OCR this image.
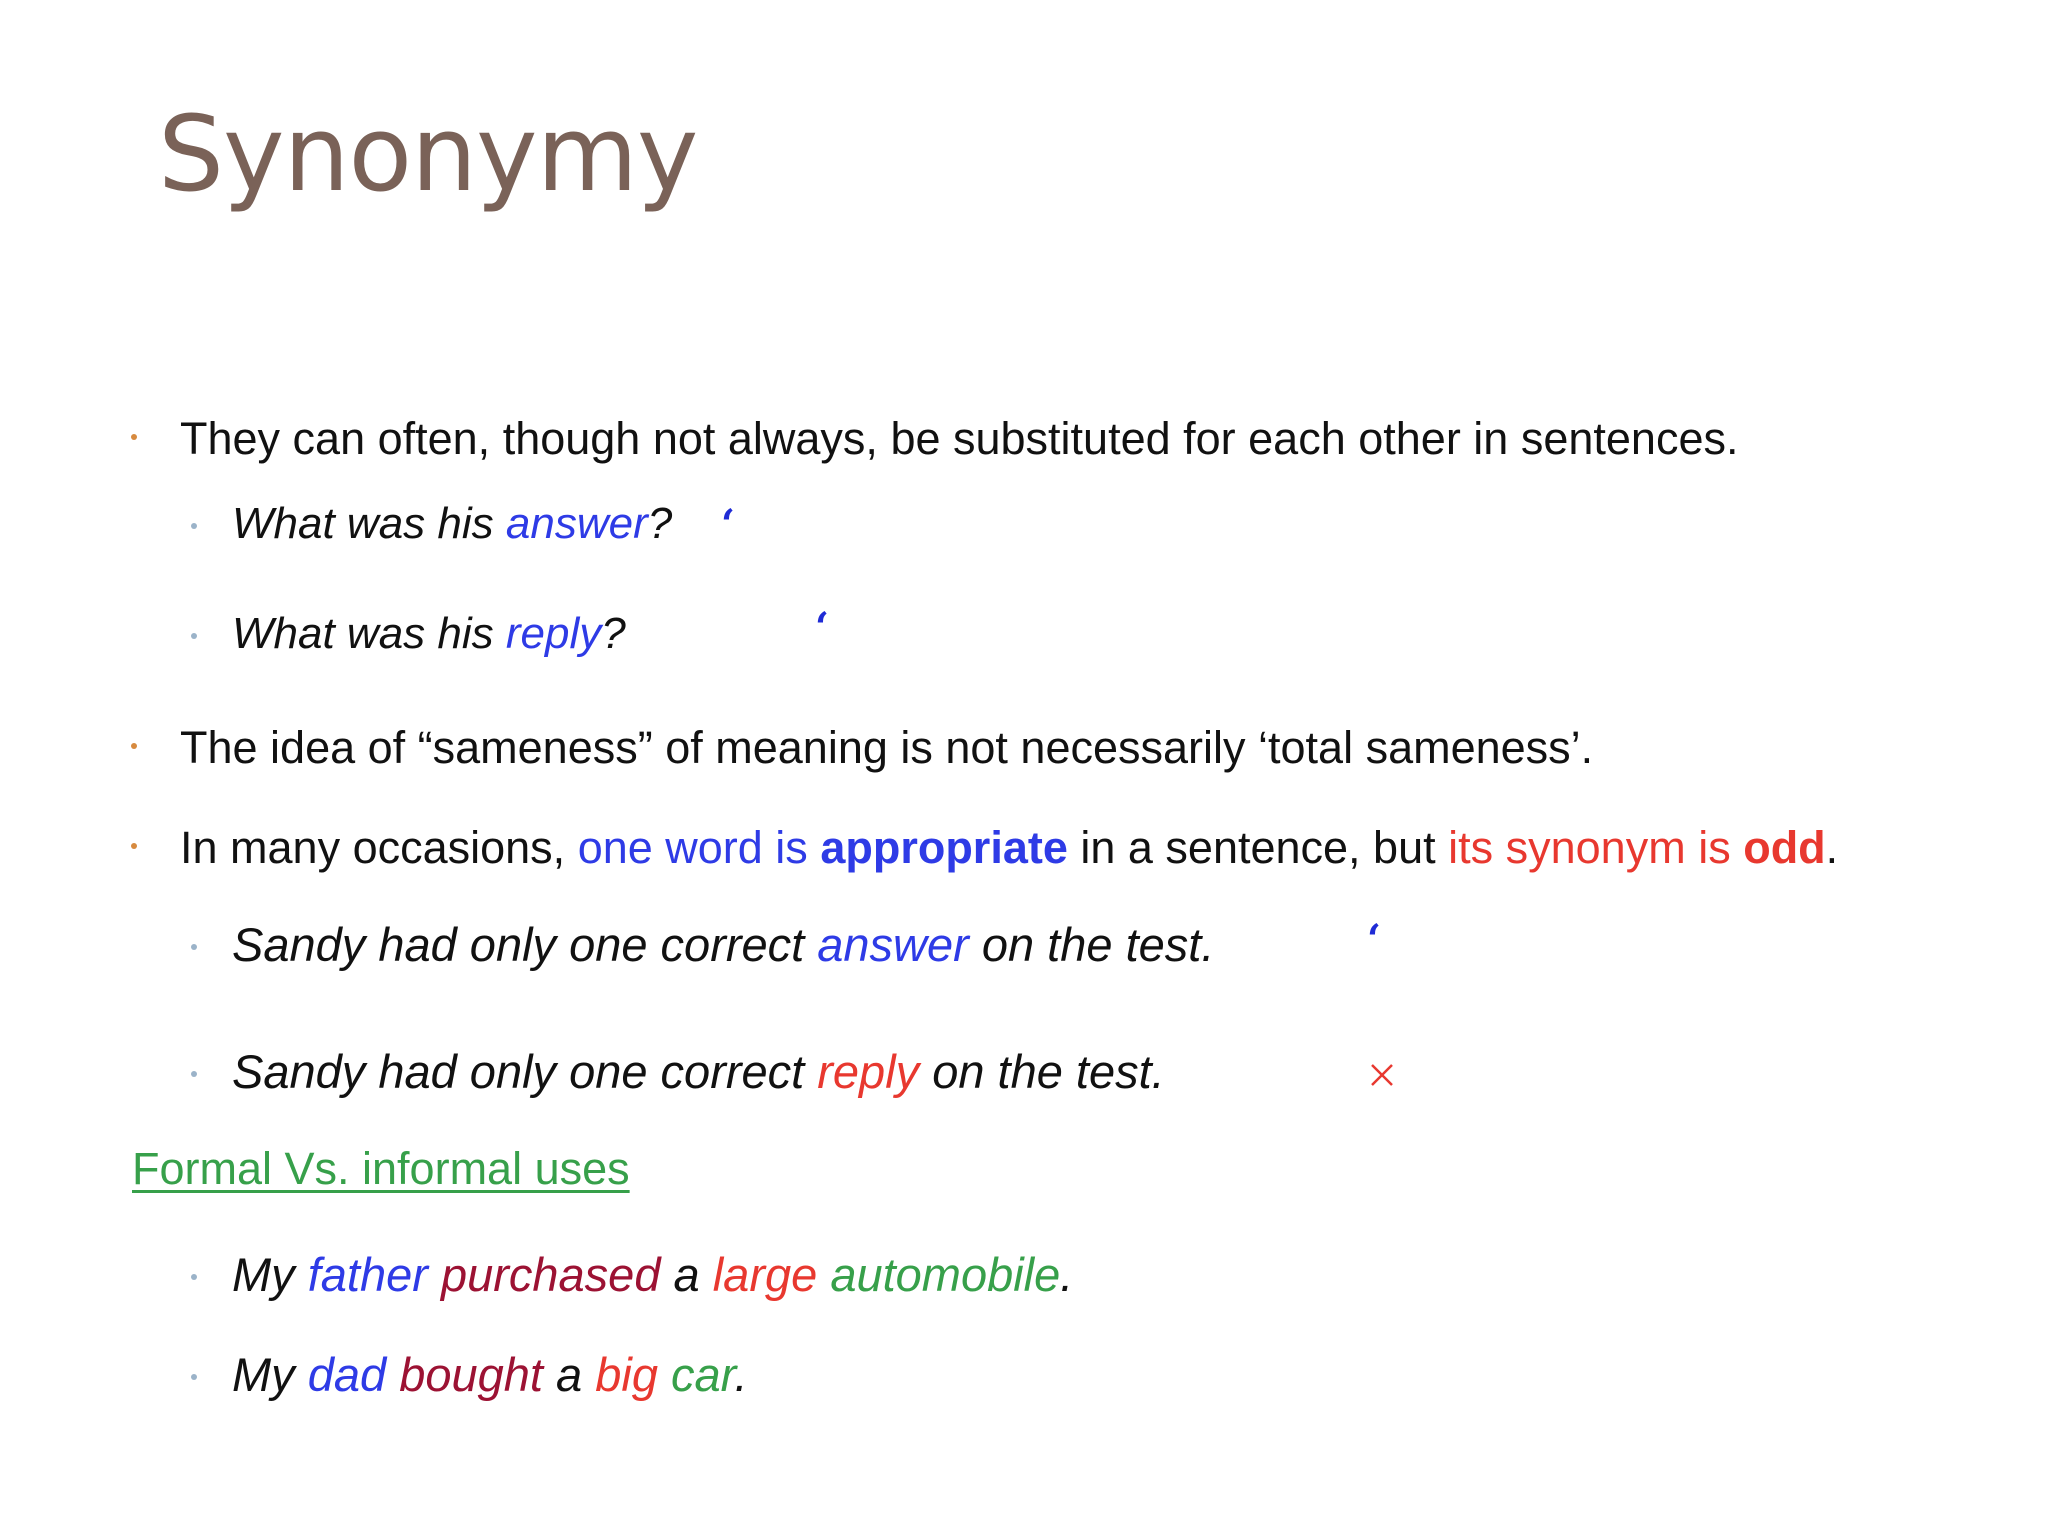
Synonymy
They can often, though not always, be substituted for each other in sentences.
What was his answer? ‘
What was his reply?	‘
The idea of “sameness” of meaning is not necessarily ‘total sameness’.
In many occasions, one word is appropriate in a sentence, but its synonym is odd.
Sandy had only one correct answer on the test.	‘
Sandy had only one correct reply on the test.
Formal Vs. informal uses
My father purchased a large automobile.
My dad bought a big car.
